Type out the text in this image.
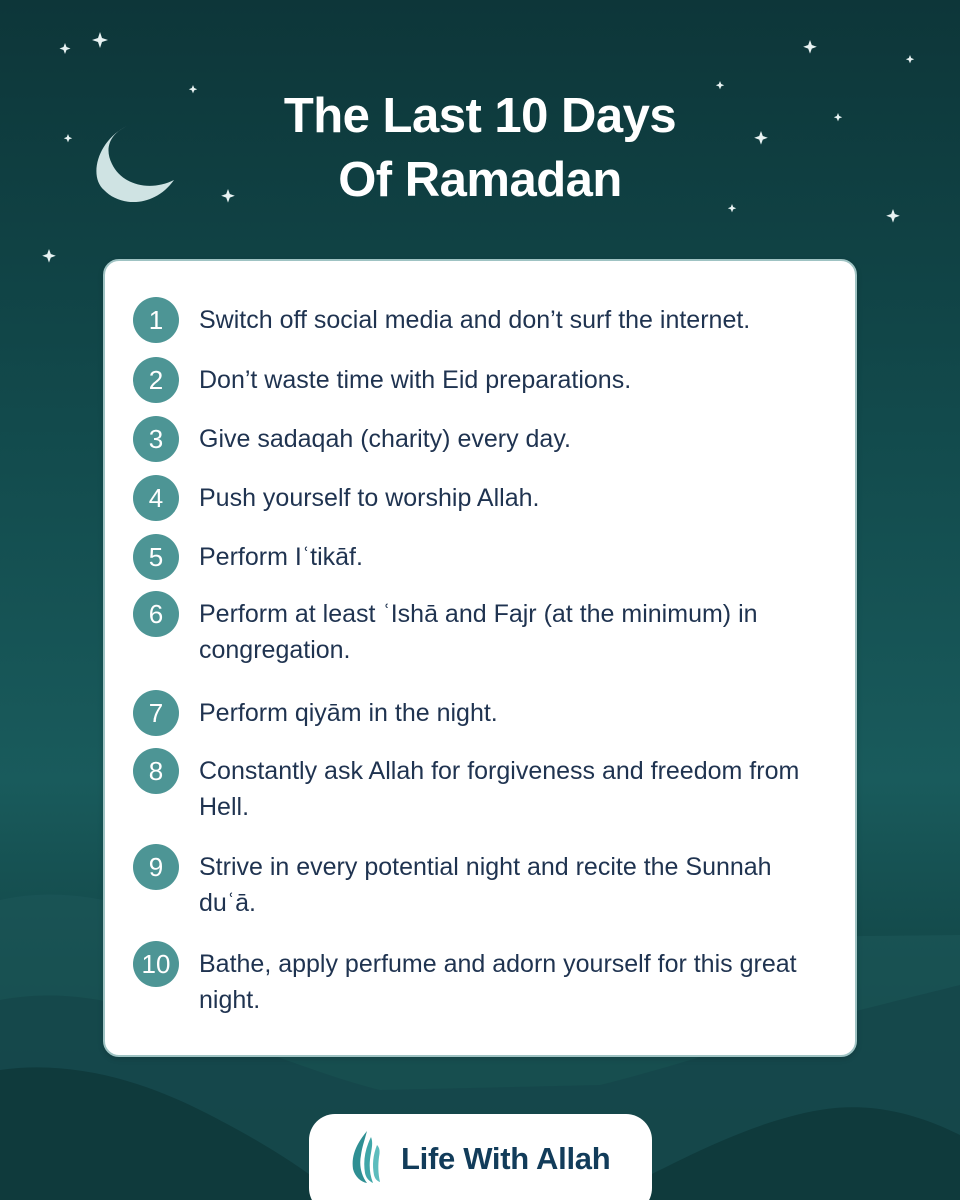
The Last 10 Days
Of Ramadan
1	Switch off social media and don’t surf the internet.
2	Don’t waste time with Eid preparations.
3	Give sadaqah (charity) every day.
4	Push yourself to worship Allah.
5	Perform Iʿtikāf.
6	Perform at least ʿIshā and Fajr (at the minimum) in congregation.
7	Perform qiyām in the night.
8	Constantly ask Allah for forgiveness and freedom from Hell.
9	Strive in every potential night and recite the Sunnah duʿā.
10	Bathe, apply perfume and adorn yourself for this great night.
Life With Allah
